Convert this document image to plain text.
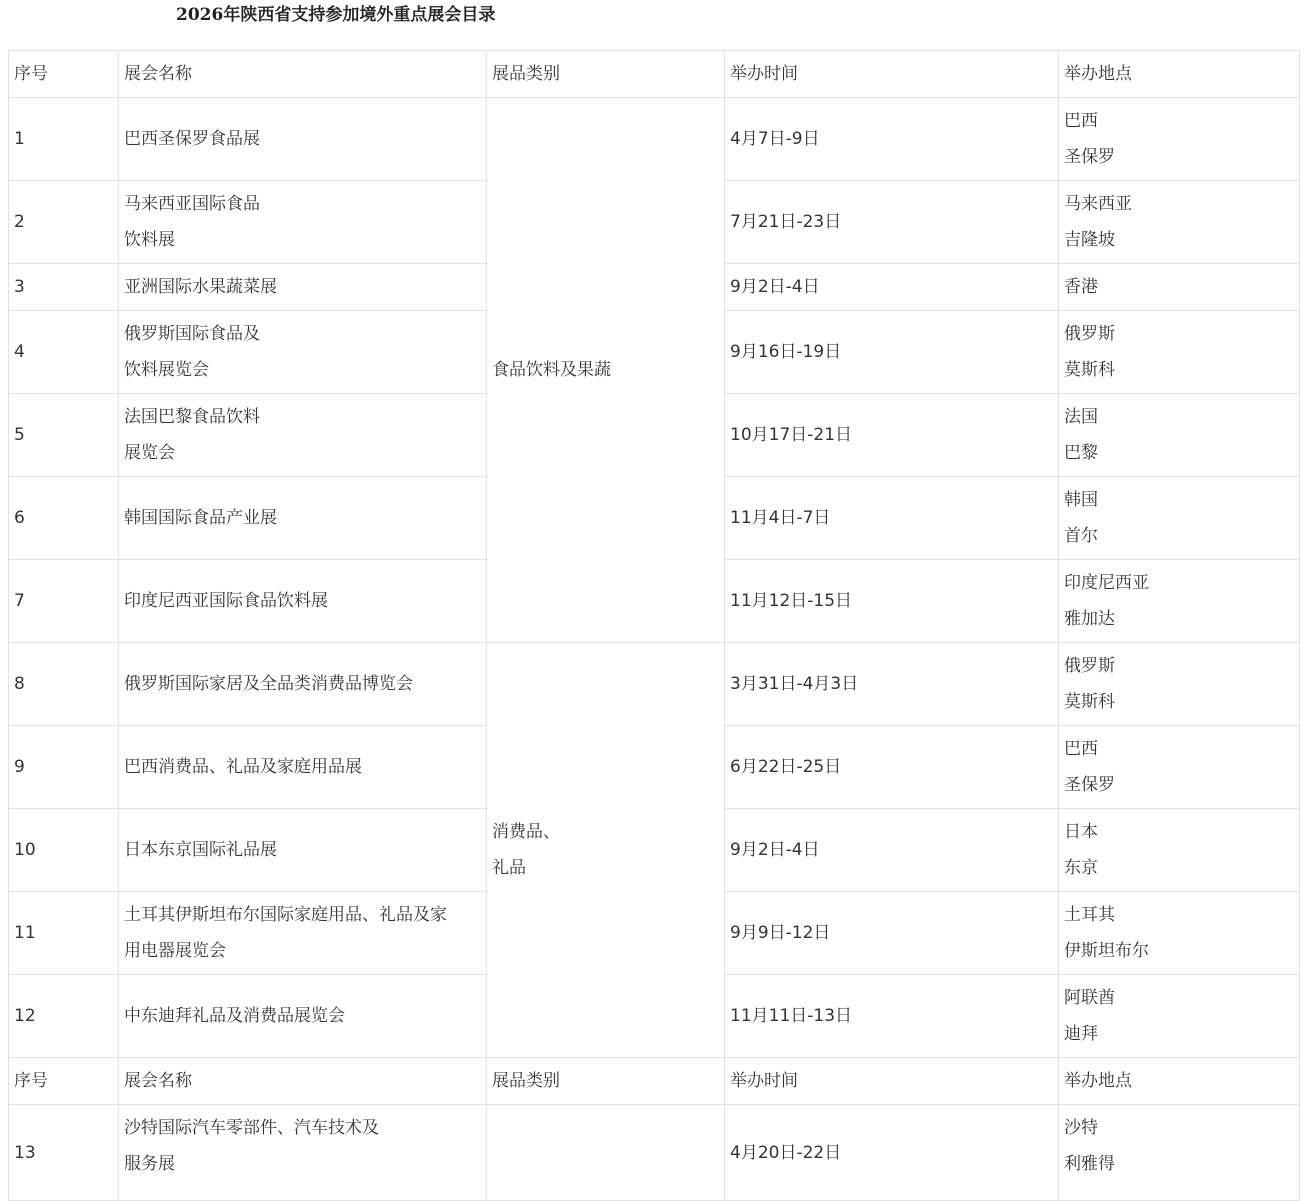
2026年陕西省支持参加境外重点展会目录
序号	展会名称	展品类别	举办时间	举办地点
1	巴西圣保罗食品展	食品饮料及果蔬	4月7日-9日	巴西
圣保罗

2	马来西亚国际食品
饮料展		7月21日-23日	马来西亚
吉隆坡

3	亚洲国际水果蔬菜展		9月2日-4日	香港

4	俄罗斯国际食品及
饮料展览会		9月16日-19日	俄罗斯
莫斯科

5	法国巴黎食品饮料
展览会		10月17日-21日	法国
巴黎

6	韩国国际食品产业展		11月4日-7日	韩国
首尔

7	印度尼西亚国际食品饮料展		11月12日-15日	印度尼西亚
雅加达

8	俄罗斯国际家居及全品类消费品博览会	消费品、
礼品	3月31日-4月3日	俄罗斯
莫斯科

9	巴西消费品、礼品及家庭用品展		6月22日-25日	巴西
圣保罗

10	日本东京国际礼品展		9月2日-4日	日本
东京

11	土耳其伊斯坦布尔国际家庭用品、礼品及家
用电器展览会		9月9日-12日	土耳其
伊斯坦布尔

12	中东迪拜礼品及消费品展览会		11月11日-13日	阿联酋
迪拜

序号	展会名称	展品类别	举办时间	举办地点
13	沙特国际汽车零部件、汽车技术及
服务展		4月20日-22日	沙特
利雅得
